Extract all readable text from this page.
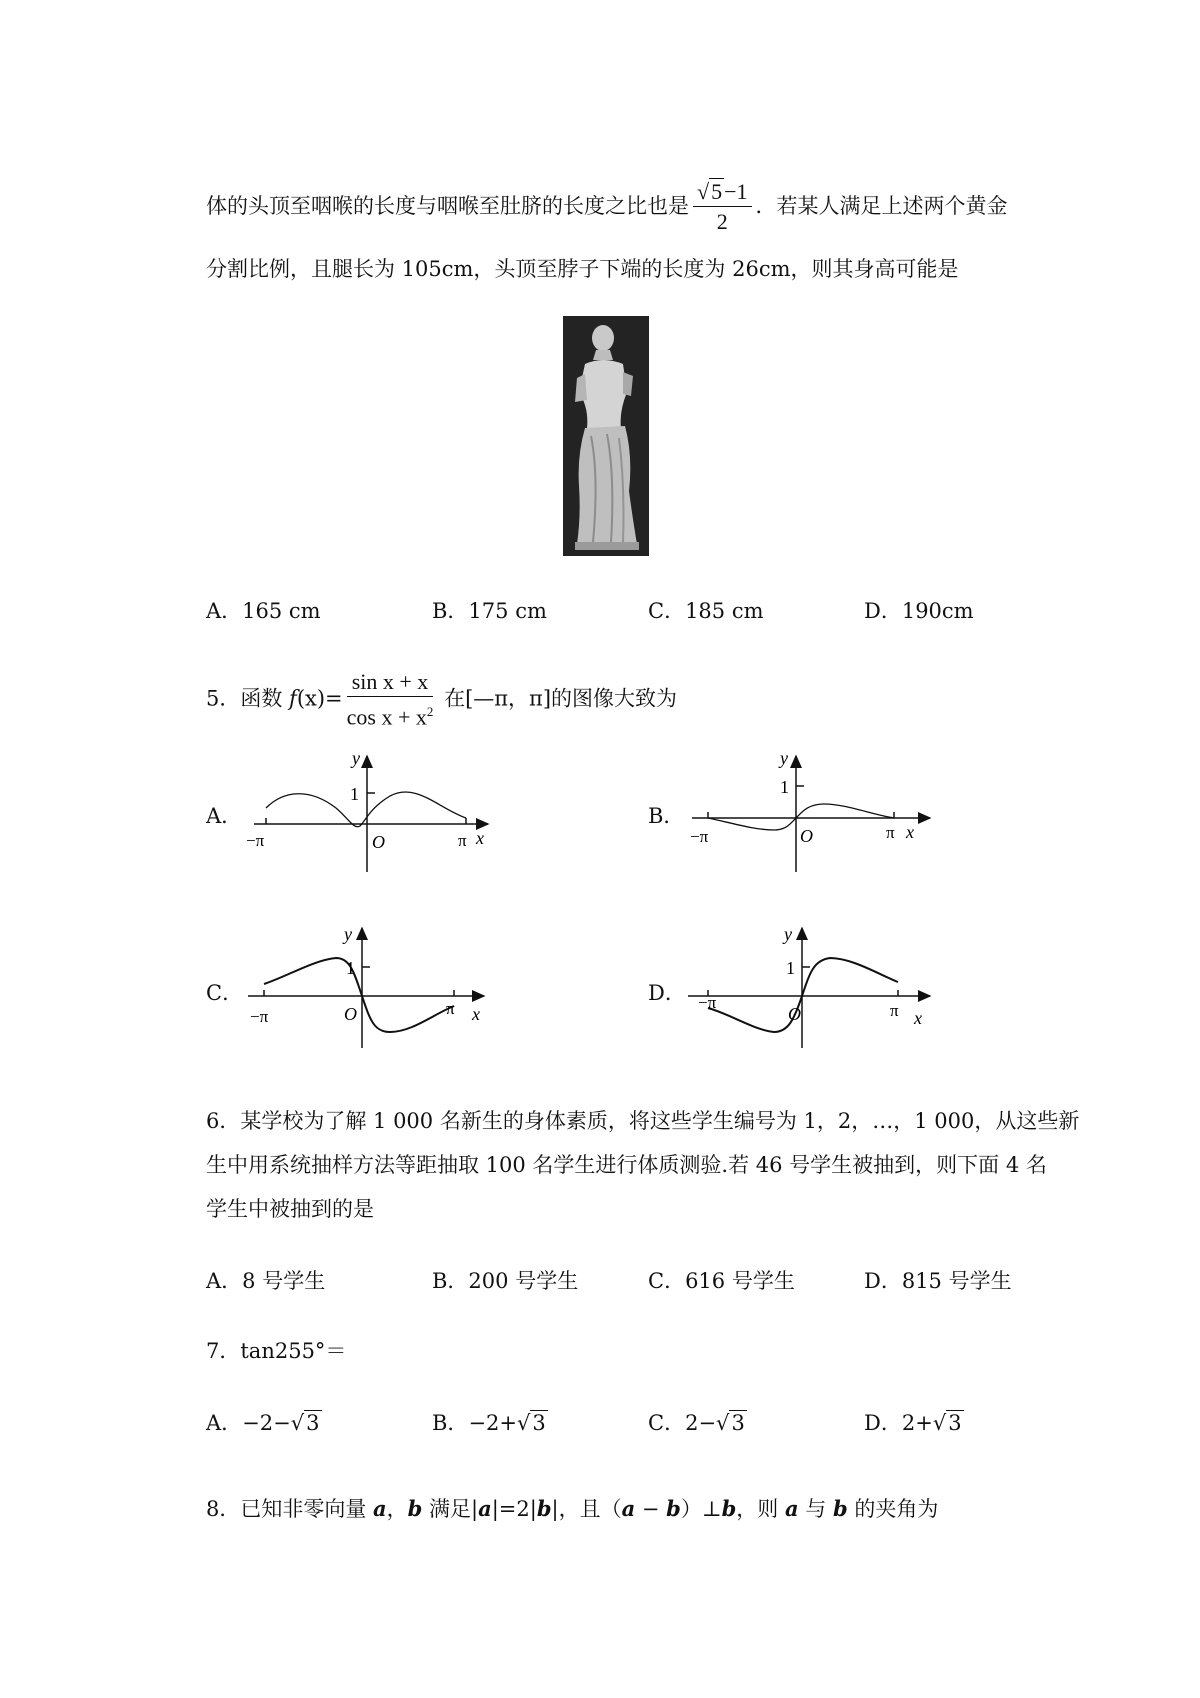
体的头顶至咽喉的长度与咽喉至肚脐的长度之比也是 $\frac{√5-1}{2}$ ．若某人满足上述两个黄金
分割比例，且腿长为 105cm，头顶至脖子下端的长度为 26cm，则其身高可能是
A．165 cm	B．175 cm	C．185 cm	D．190cm
5．函数 $f(x)= \frac{\text{sin x + x}}{\cos x + x^2}$ 在[—π，π]的图像大致为
A．	B．
C．	D．
y
1
O
−π	π x
y
1
O
−π	π x
y
1
O
−π	π x
y
1
O
−π	π x
6．某学校为了解 1 000 名新生的身体素质，将这些学生编号为 1，2，…，1 000，从这些新
生中用系统抽样方法等距抽取 100 名学生进行体质测验.若 46 号学生被抽到，则下面 4 名
学生中被抽到的是
A．8 号学生	B．200 号学生	C．616 号学生	D．815 号学生
7．tan255°＝
A．−2−√3	B．−2+√3	C．2−√3	D．2+√3
8．已知非零向量 a，b 满足|a|=2|b|，且（a − b）⊥b，则 a 与 b 的夹角为
